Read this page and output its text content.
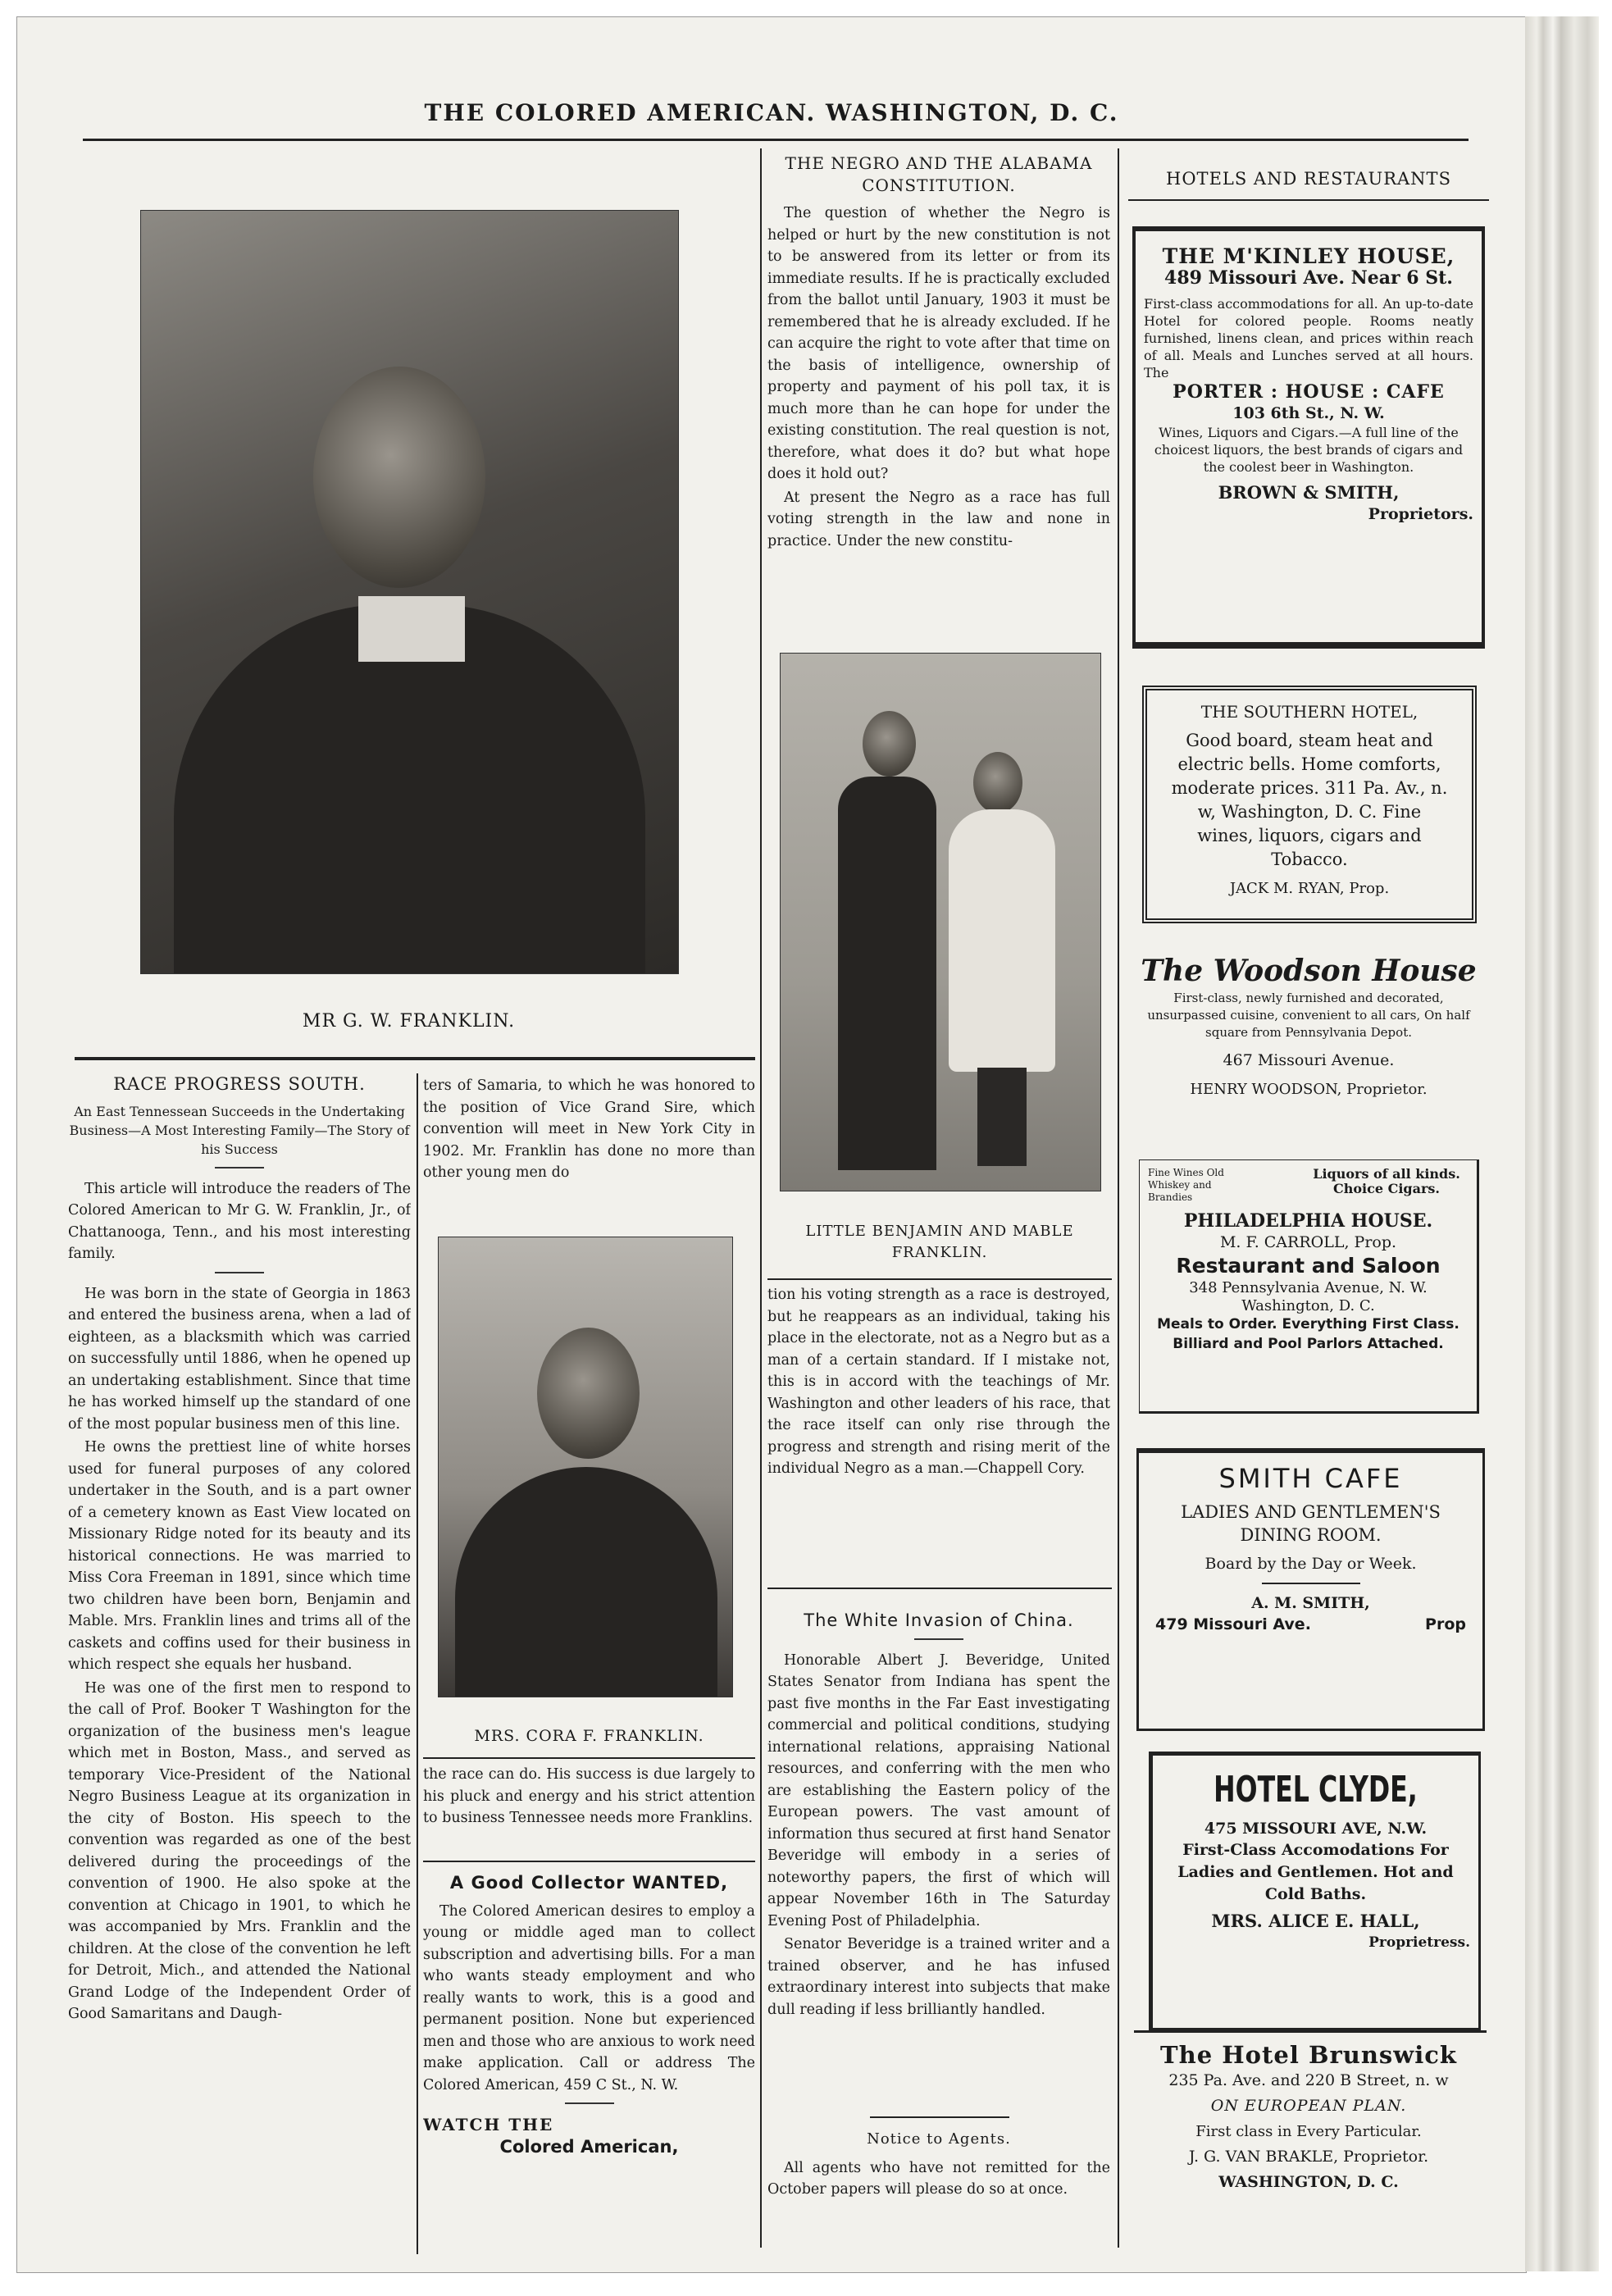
THE COLORED AMERICAN. WASHINGTON, D. C.
MR G. W. FRANKLIN.
RACE PROGRESS SOUTH.
An East Tennessean Succeeds in the Undertaking Business—A Most Interesting Family—The Story of his Success

This article will introduce the readers of The Colored American to Mr G. W. Franklin, Jr., of Chattanooga, Tenn., and his most interesting family.

He was born in the state of Georgia in 1863 and entered the business arena, when a lad of eighteen, as a blacksmith which was carried on successfully until 1886, when he opened up an undertaking establishment. Since that time he has worked himself up the standard of one of the most popular business men of this line.

He owns the prettiest line of white horses used for funeral purposes of any colored undertaker in the South, and is a part owner of a cemetery known as East View located on Missionary Ridge noted for its beauty and its historical connections. He was married to Miss Cora Freeman in 1891, since which time two children have been born, Benjamin and Mable. Mrs. Franklin lines and trims all of the caskets and coffins used for their business in which respect she equals her husband.

He was one of the first men to respond to the call of Prof. Booker T Washington for the organization of the business men's league which met in Boston, Mass., and served as temporary Vice-President of the National Negro Business League at its organization in the city of Boston. His speech to the convention was regarded as one of the best delivered during the proceedings of the convention of 1900. He also spoke at the convention at Chicago in 1901, to which he was accompanied by Mrs. Franklin and the children. At the close of the convention he left for Detroit, Mich., and attended the National Grand Lodge of the Independent Order of Good Samaritans and Daugh-

ters of Samaria, to which he was honored to the position of Vice Grand Sire, which convention will meet in New York City in 1902. Mr. Franklin has done no more than other young men do

MRS. CORA F. FRANKLIN.

the race can do. His success is due largely to his pluck and energy and his strict attention to business Tennessee needs more Franklins.

A Good Collector WANTED,

The Colored American desires to employ a young or middle aged man to collect subscription and advertising bills. For a man who wants steady employment and who really wants to work, this is a good and permanent position. None but experienced men and those who are anxious to work need make application. Call or address The Colored American, 459 C St., N. W.

WATCH THE
Colored American,
THE NEGRO AND THE ALABAMA CONSTITUTION.

The question of whether the Negro is helped or hurt by the new constitution is not to be answered from its letter or from its immediate results. If he is practically excluded from the ballot until January, 1903 it must be remembered that he is already excluded. If he can acquire the right to vote after that time on the basis of intelligence, ownership of property and payment of his poll tax, it is much more than he can hope for under the existing constitution. The real question is not, therefore, what does it do? but what hope does it hold out?

At present the Negro as a race has full voting strength in the law and none in practice. Under the new constitu-

LITTLE BENJAMIN AND MABLE FRANKLIN.

tion his voting strength as a race is destroyed, but he reappears as an individual, taking his place in the electorate, not as a Negro but as a man of a certain standard. If I mistake not, this is in accord with the teachings of Mr. Washington and other leaders of his race, that the race itself can only rise through the progress and strength and rising merit of the individual Negro as a man.—Chappell Cory.

The White Invasion of China.

Honorable Albert J. Beveridge, United States Senator from Indiana has spent the past five months in the Far East investigating commercial and political conditions, studying international relations, appraising National resources, and conferring with the men who are establishing the Eastern policy of the European powers. The vast amount of information thus secured at first hand Senator Beveridge will embody in a series of noteworthy papers, the first of which will appear November 16th in The Saturday Evening Post of Philadelphia.

Senator Beveridge is a trained writer and a trained observer, and he has infused extraordinary interest into subjects that make dull reading if less brilliantly handled.

Notice to Agents.

All agents who have not remitted for the October papers will please do so at once.

HOTELS AND RESTAURANTS
THE M'KINLEY HOUSE,
489 Missouri Ave. Near 6 St.
First-class accommodations for all. An up-to-date Hotel for colored people. Rooms neatly furnished, linens clean, and prices within reach of all. Meals and Lunches served at all hours. The
PORTER : HOUSE : CAFE
103 6th St., N. W.
Wines, Liquors and Cigars.—A full line of the choicest liquors, the best brands of cigars and the coolest beer in Washington.
BROWN & SMITH,
Proprietors.
THE SOUTHERN HOTEL,
Good board, steam heat and electric bells. Home comforts, moderate prices. 311 Pa. Av., n. w, Washington, D. C. Fine wines, liquors, cigars and Tobacco.
JACK M. RYAN, Prop.
The Woodson House
First-class, newly furnished and decorated, unsurpassed cuisine, convenient to all cars, On half square from Pennsylvania Depot.
467 Missouri Avenue.
HENRY WOODSON, Proprietor.
Fine Wines Old Whiskey and Brandies
Liquors of all kinds. Choice Cigars.
PHILADELPHIA HOUSE.
M. F. CARROLL, Prop.
Restaurant and Saloon
348 Pennsylvania Avenue, N. W. Washington, D. C.
Meals to Order. Everything First Class.
Billiard and Pool Parlors Attached.
SMITH CAFE
LADIES AND GENTLEMEN'S DINING ROOM.
Board by the Day or Week.
A. M. SMITH,
479 Missouri Ave.	Prop
HOTEL CLYDE,
475 MISSOURI AVE, N.W.
First-Class Accomodations For Ladies and Gentlemen. Hot and Cold Baths.
MRS. ALICE E. HALL,
Proprietress.
The Hotel Brunswick
235 Pa. Ave. and 220 B Street, n. w
ON EUROPEAN PLAN.
First class in Every Particular.
J. G. VAN BRAKLE, Proprietor.
WASHINGTON, D. C.
